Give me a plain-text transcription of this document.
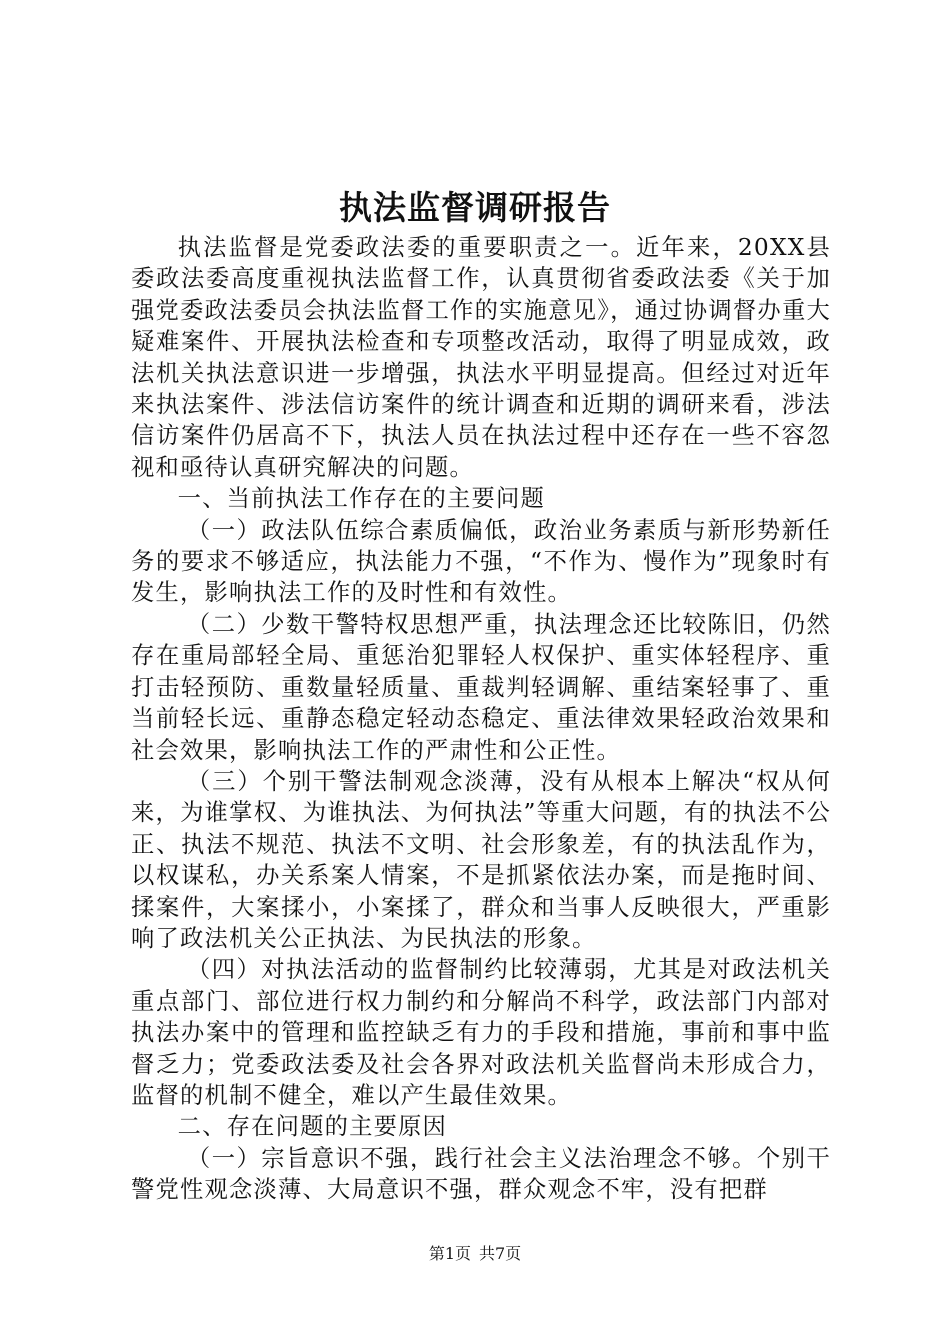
执法监督调研报告

执法监督是党委政法委的重要职责之一。近年来，20XX县委政法委高度重视执法监督工作，认真贯彻省委政法委《关于加强党委政法委员会执法监督工作的实施意见》，通过协调督办重大疑难案件、开展执法检查和专项整改活动，取得了明显成效，政法机关执法意识进一步增强，执法水平明显提高。但经过对近年来执法案件、涉法信访案件的统计调查和近期的调研来看，涉法信访案件仍居高不下，执法人员在执法过程中还存在一些不容忽视和亟待认真研究解决的问题。

一、当前执法工作存在的主要问题

（一）政法队伍综合素质偏低，政治业务素质与新形势新任务的要求不够适应，执法能力不强，“不作为、慢作为”现象时有发生，影响执法工作的及时性和有效性。

（二）少数干警特权思想严重，执法理念还比较陈旧，仍然存在重局部轻全局、重惩治犯罪轻人权保护、重实体轻程序、重打击轻预防、重数量轻质量、重裁判轻调解、重结案轻事了、重当前轻长远、重静态稳定轻动态稳定、重法律效果轻政治效果和社会效果，影响执法工作的严肃性和公正性。

（三）个别干警法制观念淡薄，没有从根本上解决“权从何来，为谁掌权、为谁执法、为何执法”等重大问题，有的执法不公正、执法不规范、执法不文明、社会形象差，有的执法乱作为，以权谋私，办关系案人情案，不是抓紧依法办案，而是拖时间、揉案件，大案揉小，小案揉了，群众和当事人反映很大，严重影响了政法机关公正执法、为民执法的形象。

（四）对执法活动的监督制约比较薄弱，尤其是对政法机关重点部门、部位进行权力制约和分解尚不科学，政法部门内部对执法办案中的管理和监控缺乏有力的手段和措施，事前和事中监督乏力；党委政法委及社会各界对政法机关监督尚未形成合力，监督的机制不健全，难以产生最佳效果。

二、存在问题的主要原因

（一）宗旨意识不强，践行社会主义法治理念不够。个别干警党性观念淡薄、大局意识不强，群众观念不牢，没有把群

第1页 共7页
